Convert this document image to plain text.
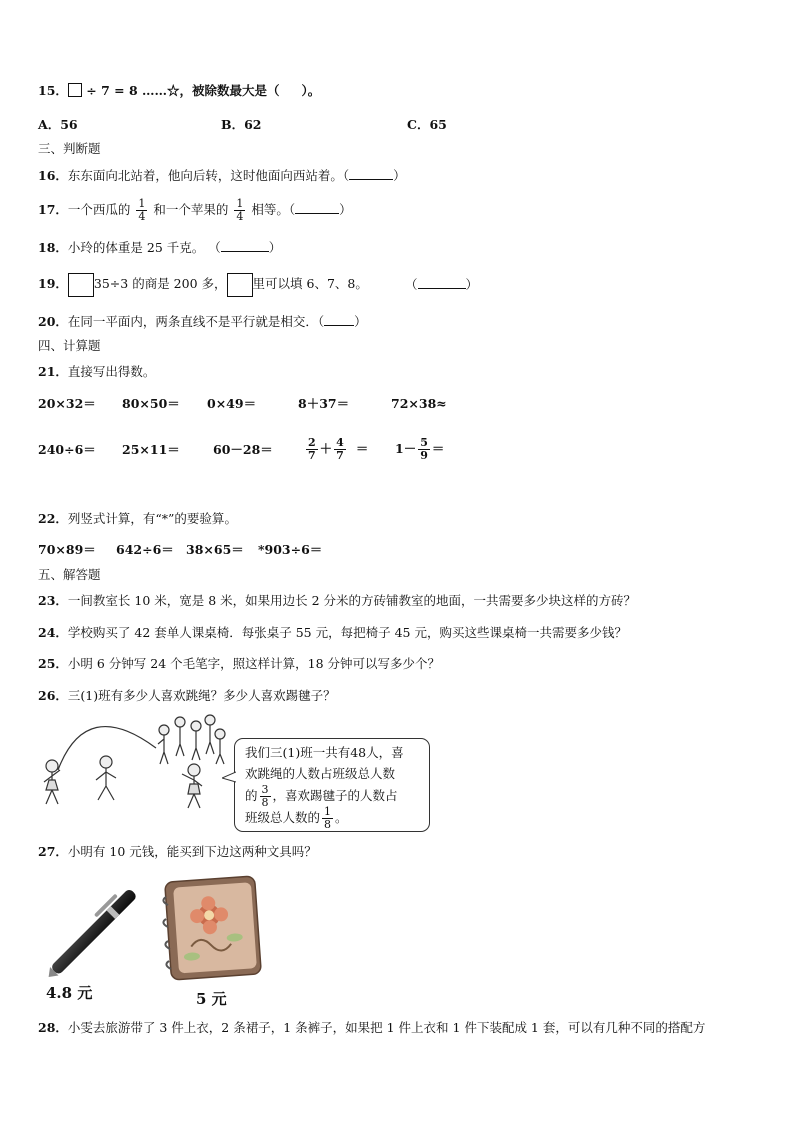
15． ÷ 7 = 8 ……☆，被除数最大是（ ）。
A．56	B．62	C．65
三、判断题
16．东东面向北站着，他向后转，这时他面向西站着。（	）
17．一个西瓜的 $\frac{1}{4}$ 和一个苹果的 $\frac{1}{4}$ 相等。（	）
18．小玲的体重是 25 千克。 （	）
19． 35÷3 的商是 200 多， 里可以填 6、7、8。	（	）
20．在同一平面内，两条直线不是平行就是相交．（ ）
四、计算题
21．直接写出得数。
20×32＝ 80×50＝ 0×49＝	8＋37＝	72×38≈
240÷6＝ 25×11＝	60－28＝	$\frac{2}{7} + \frac{4}{7} = 1- \frac{5}{9}$ ＝
22．列竖式计算，有“*”的要验算。
70×89＝ 642÷6＝ 38×65＝ *903÷6＝
五、解答题
23．一间教室长 10 米，宽是 8 米，如果用边长 2 分米的方砖铺教室的地面，一共需要多少块这样的方砖？
24．学校购买了 42 套单人课桌椅．每张桌子 55 元，每把椅子 45 元，购买这些课桌椅一共需要多少钱？
25．小明 6 分钟写 24 个毛笔字，照这样计算，18 分钟可以写多少个？
26．三(1)班有多少人喜欢跳绳？多少人喜欢踢毽子？
我们三(1)班一共有48人，喜
欢跳绳的人数占班级总人数
的 $\frac{3}{8}$ ，喜欢踢毽子的人数占
班级总人数的 $\frac{1}{8}$ 。
27．小明有 10 元钱，能买到下边这两种文具吗？
4.8 元	5 元
28．小雯去旅游带了 3 件上衣，2 条裙子，1 条裤子，如果把 1 件上衣和 1 件下装配成 1 套，可以有几种不同的搭配方
